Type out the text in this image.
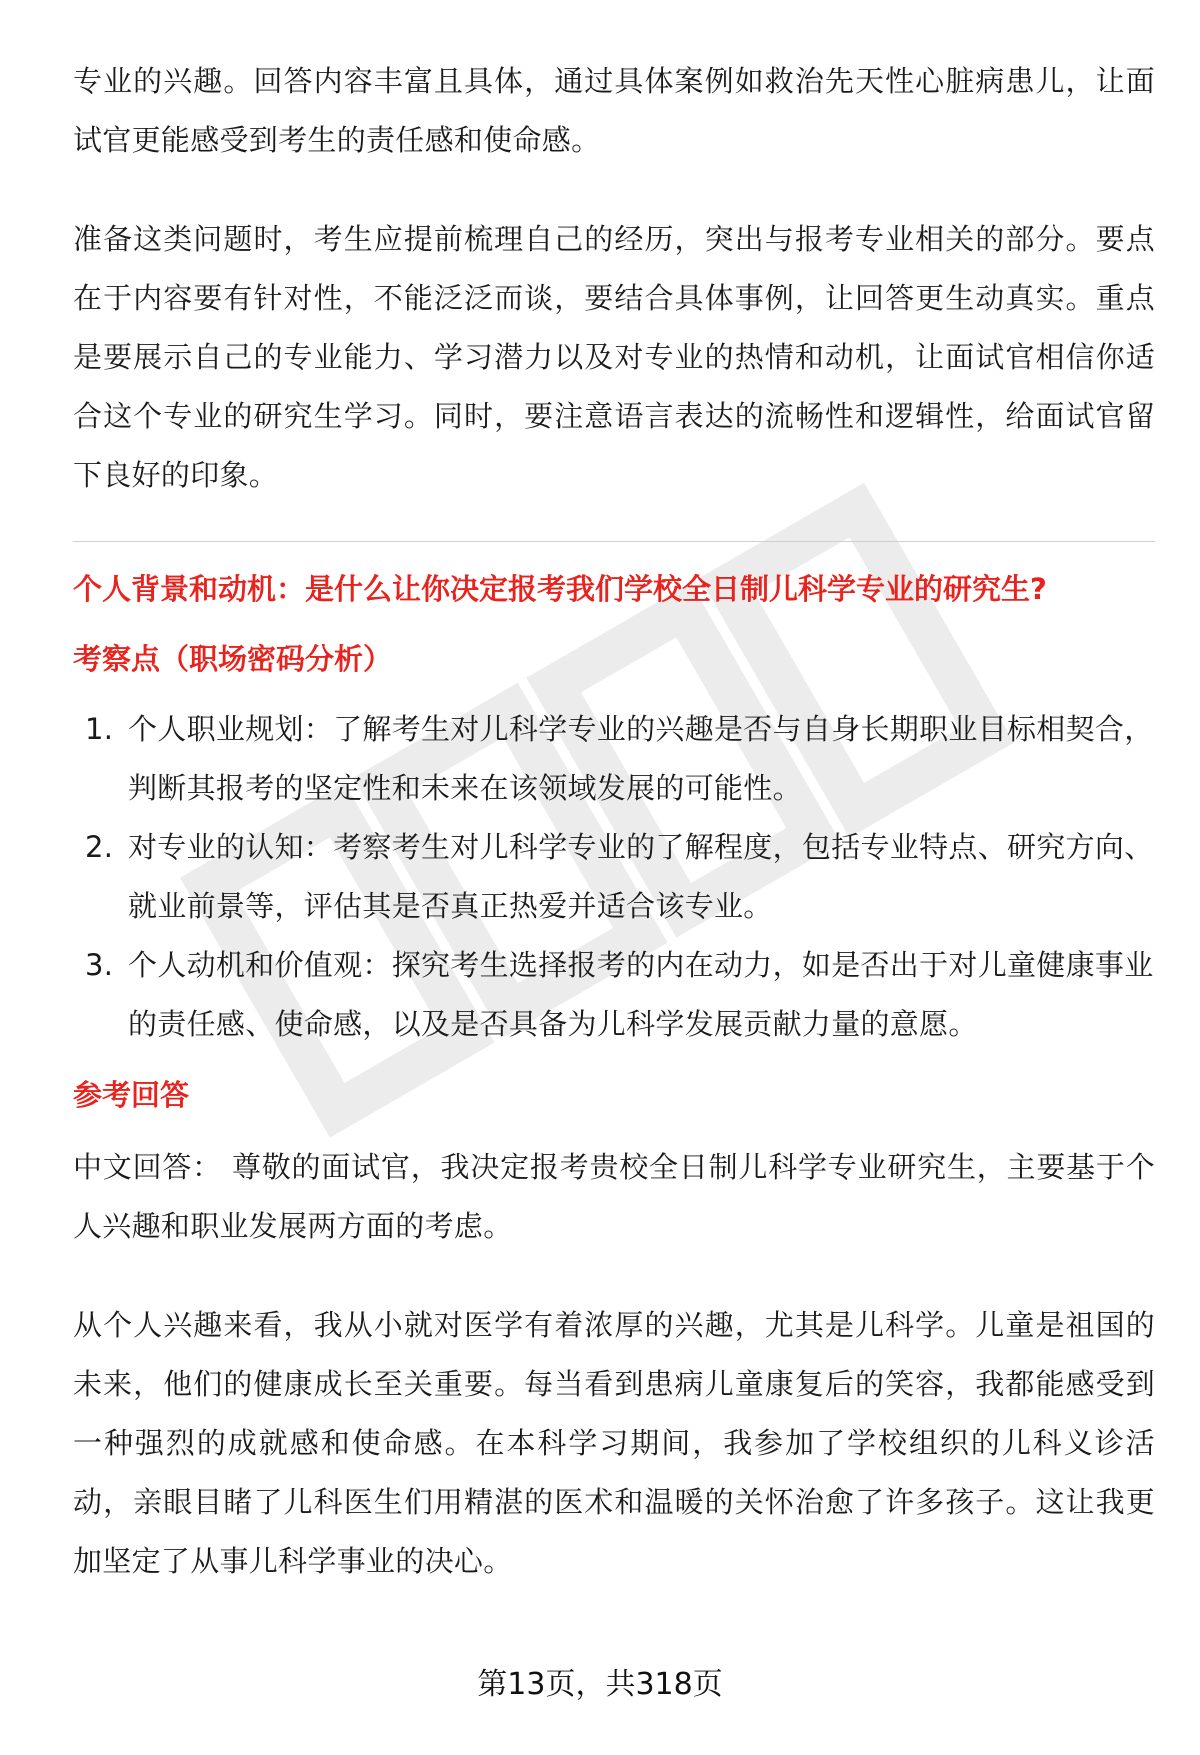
专业的兴趣。回答内容丰富且具体，通过具体案例如救治先天性心脏病患儿，让面试官更能感受到考生的责任感和使命感。

准备这类问题时，考生应提前梳理自己的经历，突出与报考专业相关的部分。要点在于内容要有针对性，不能泛泛而谈，要结合具体事例，让回答更生动真实。重点是要展示自己的专业能力、学习潜力以及对专业的热情和动机，让面试官相信你适合这个专业的研究生学习。同时，要注意语言表达的流畅性和逻辑性，给面试官留下良好的印象。

个人背景和动机：是什么让你决定报考我们学校全日制儿科学专业的研究生?
考察点（职场密码分析）
1. 个人职业规划：了解考生对儿科学专业的兴趣是否与自身长期职业目标相契合，判断其报考的坚定性和未来在该领域发展的可能性。
2. 对专业的认知：考察考生对儿科学专业的了解程度，包括专业特点、研究方向、就业前景等，评估其是否真正热爱并适合该专业。
3. 个人动机和价值观：探究考生选择报考的内在动力，如是否出于对儿童健康事业的责任感、使命感，以及是否具备为儿科学发展贡献力量的意愿。
参考回答

中文回答： 尊敬的面试官，我决定报考贵校全日制儿科学专业研究生，主要基于个人兴趣和职业发展两方面的考虑。

从个人兴趣来看，我从小就对医学有着浓厚的兴趣，尤其是儿科学。儿童是祖国的未来，他们的健康成长至关重要。每当看到患病儿童康复后的笑容，我都能感受到一种强烈的成就感和使命感。在本科学习期间，我参加了学校组织的儿科义诊活动，亲眼目睹了儿科医生们用精湛的医术和温暖的关怀治愈了许多孩子。这让我更加坚定了从事儿科学事业的决心。

第13页，共318页
